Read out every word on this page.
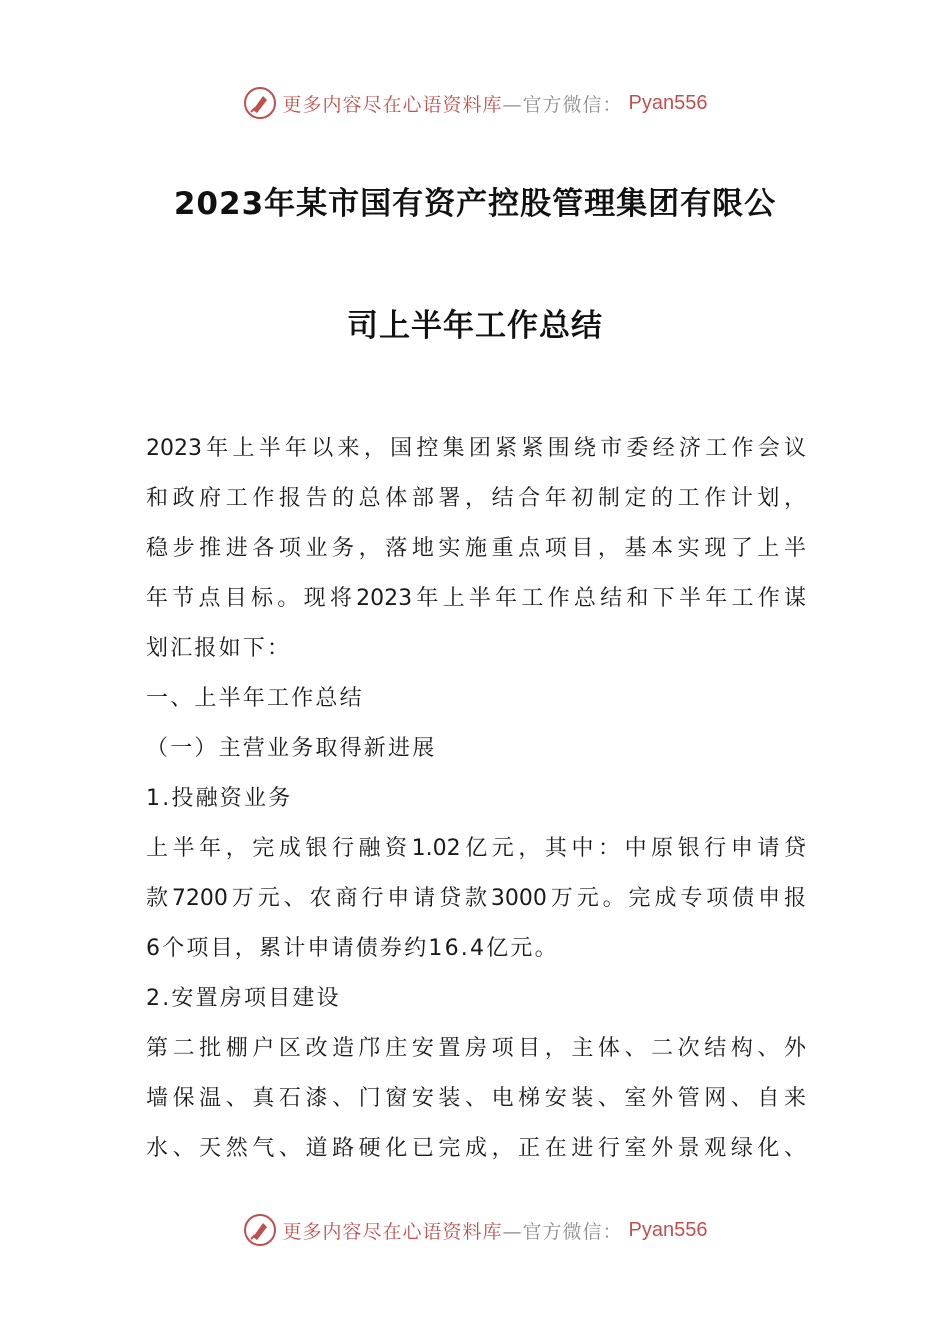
更多内容尽在心语资料库—官方微信： Pyan556
2023年某市国有资产控股管理集团有限公
司上半年工作总结
2023年上半年以来，国控集团紧紧围绕市委经济工作会议
和政府工作报告的总体部署，结合年初制定的工作计划，
稳步推进各项业务，落地实施重点项目，基本实现了上半
年节点目标。现将2023年上半年工作总结和下半年工作谋
划汇报如下：
一、上半年工作总结
（一）主营业务取得新进展
1.投融资业务
上半年，完成银行融资1.02亿元，其中：中原银行申请贷
款7200万元、农商行申请贷款3000万元。完成专项债申报
6个项目，累计申请债券约16.4亿元。
2.安置房项目建设
第二批棚户区改造邝庄安置房项目，主体、二次结构、外
墙保温、真石漆、门窗安装、电梯安装、室外管网、自来
水、天然气、道路硬化已完成，正在进行室外景观绿化、
更多内容尽在心语资料库—官方微信： Pyan556
